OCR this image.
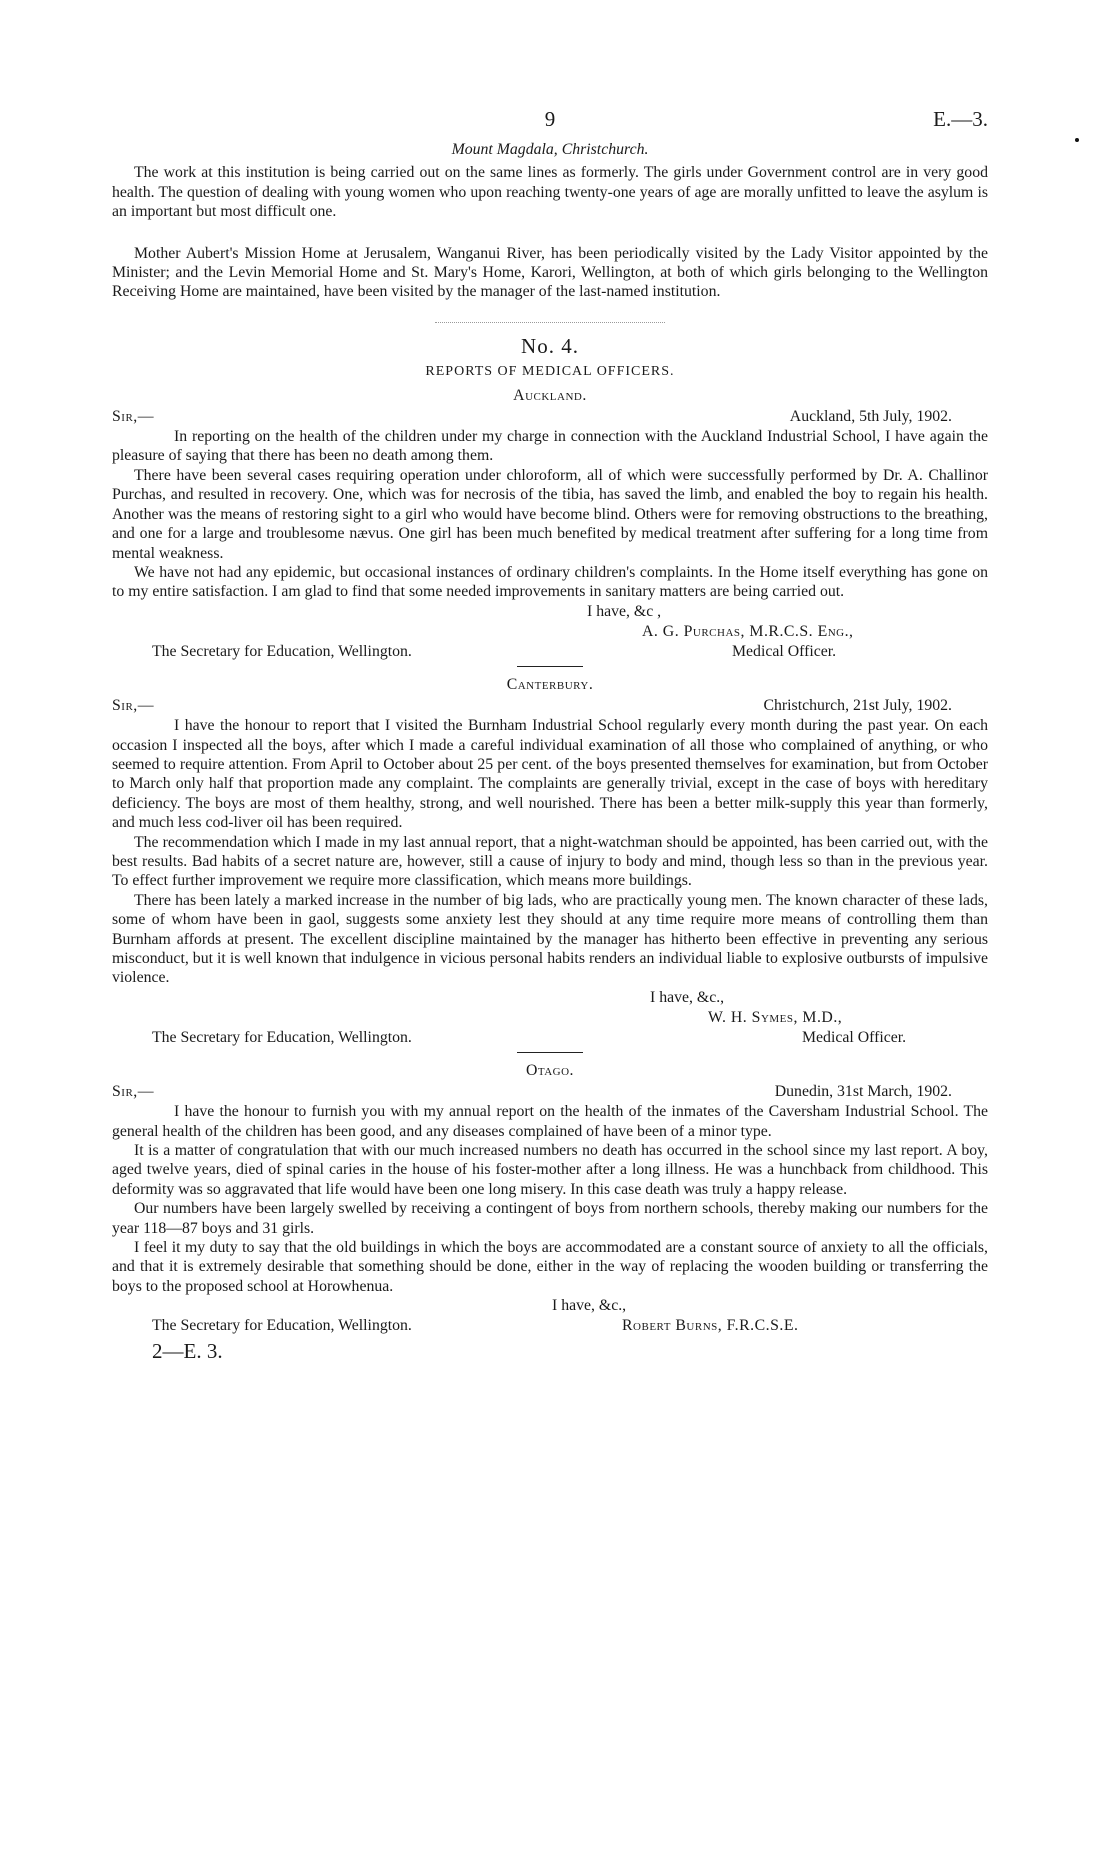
9	E.—3.
Mount Magdala, Christchurch.

The work at this institution is being carried out on the same lines as formerly. The girls under Government control are in very good health. The question of dealing with young women who upon reaching twenty-one years of age are morally unfitted to leave the asylum is an important but most difficult one.

Mother Aubert's Mission Home at Jerusalem, Wanganui River, has been periodically visited by the Lady Visitor appointed by the Minister; and the Levin Memorial Home and St. Mary's Home, Karori, Wellington, at both of which girls belonging to the Wellington Receiving Home are maintained, have been visited by the manager of the last-named institution.

No. 4.
REPORTS OF MEDICAL OFFICERS.
Auckland.
Sir,—	Auckland, 5th July, 1902.

In reporting on the health of the children under my charge in connection with the Auckland Industrial School, I have again the pleasure of saying that there has been no death among them.

There have been several cases requiring operation under chloroform, all of which were successfully performed by Dr. A. Challinor Purchas, and resulted in recovery. One, which was for necrosis of the tibia, has saved the limb, and enabled the boy to regain his health. Another was the means of restoring sight to a girl who would have become blind. Others were for removing obstructions to the breathing, and one for a large and troublesome nævus. One girl has been much benefited by medical treatment after suffering for a long time from mental weakness.

We have not had any epidemic, but occasional instances of ordinary children's complaints. In the Home itself everything has gone on to my entire satisfaction. I am glad to find that some needed improvements in sanitary matters are being carried out.

I have, &c ,
A. G. Purchas, M.R.C.S. Eng.,
The Secretary for Education, Wellington.	Medical Officer.
Canterbury.
Sir,—	Christchurch, 21st July, 1902.

I have the honour to report that I visited the Burnham Industrial School regularly every month during the past year. On each occasion I inspected all the boys, after which I made a careful individual examination of all those who complained of anything, or who seemed to require attention. From April to October about 25 per cent. of the boys presented themselves for examination, but from October to March only half that proportion made any complaint. The complaints are generally trivial, except in the case of boys with hereditary deficiency. The boys are most of them healthy, strong, and well nourished. There has been a better milk-supply this year than formerly, and much less cod-liver oil has been required.

The recommendation which I made in my last annual report, that a night-watchman should be appointed, has been carried out, with the best results. Bad habits of a secret nature are, however, still a cause of injury to body and mind, though less so than in the previous year. To effect further improvement we require more classification, which means more buildings.

There has been lately a marked increase in the number of big lads, who are practically young men. The known character of these lads, some of whom have been in gaol, suggests some anxiety lest they should at any time require more means of controlling them than Burnham affords at present. The excellent discipline maintained by the manager has hitherto been effective in preventing any serious misconduct, but it is well known that indulgence in vicious personal habits renders an individual liable to explosive outbursts of impulsive violence.

I have, &c.,
W. H. Symes, M.D.,
The Secretary for Education, Wellington.	Medical Officer.
Otago.
Sir,—	Dunedin, 31st March, 1902.

I have the honour to furnish you with my annual report on the health of the inmates of the Caversham Industrial School. The general health of the children has been good, and any diseases complained of have been of a minor type.

It is a matter of congratulation that with our much increased numbers no death has occurred in the school since my last report. A boy, aged twelve years, died of spinal caries in the house of his foster-mother after a long illness. He was a hunchback from childhood. This deformity was so aggravated that life would have been one long misery. In this case death was truly a happy release.

Our numbers have been largely swelled by receiving a contingent of boys from northern schools, thereby making our numbers for the year 118—87 boys and 31 girls.

I feel it my duty to say that the old buildings in which the boys are accommodated are a constant source of anxiety to all the officials, and that it is extremely desirable that something should be done, either in the way of replacing the wooden building or transferring the boys to the proposed school at Horowhenua.

I have, &c.,
The Secretary for Education, Wellington.	Robert Burns, F.R.C.S.E.
2—E. 3.
